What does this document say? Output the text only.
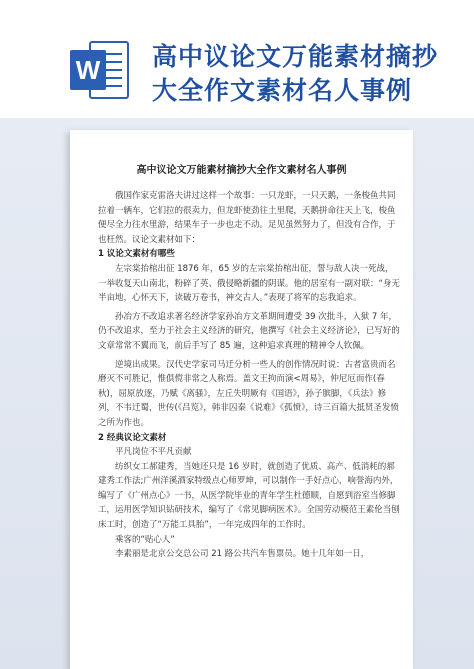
W 高中议论文万能素材摘抄大全作文素材名人事例
高中议论文万能素材摘抄大全作文素材名人事例

俄国作家克雷洛夫讲过这样一个故事：一只龙虾，一只天鹅，一条梭鱼共同拉着一辆车，它们拉的很卖力，但龙虾使劲往土里爬，天鹅拼命往天上飞，梭鱼便尽全力往水里游，结果车子一步也走不动。足见虽然努力了，但没有合作，于也枉然。议论文素材如下：

1 议论文素材有哪些

左宗棠抬棺出征 1876 年，65 岁的左宗棠抬棺出征，誓与敌人决一死战，一举收复天山南北，粉碎了英、俄侵略新疆的阴谋。他的居室有一副对联：“身无半亩地，心怀天下，读破万卷书，神交古人。”表现了将军的忘我追求。

孙冶方不改追求著名经济学家孙冶方文革期间遭受 39 次批斗，入狱 7 年，仍不改追求，至力于社会主义经济的研究，他撰写《社会主义经济论》，已写好的文章常常不翼而飞，前后手写了 85 遍，这种追求真理的精神令人钦佩。

逆境出成果。汉代史学家司马迁分析一些人的创作情况时说：古者富贵而名磨灭不可胜记，惟俱傥非常之人称焉。盖文王拘而演<周易》，仲尼厄而作(春秋)，屈原放逐，乃赋《离骚》，左丘失明厥有《国语》，孙子膑脚，《兵法》修列，不韦迁蜀，世传(《吕览》，韩非囚秦《说难》《孤愤》，诗三百篇大抵贤圣发愤之所为作也。

2 经典议论文素材

平凡岗位不平凡贡献

纺织女工郝建秀，当她还只是 16 岁时，就创造了优质、高产、低消耗的郝建秀工作法;广州洋溪酒家特级点心师罗坤，可以制作一手好点心，响誉海内外，编写了《广州点心》一书，从医学院毕业的青年学生杜德顺，自愿到浴室当修脚工，运用医学知识钻研技术，编写了《常见脚病医术》。全国劳动模范王素伦当刨床工时，创造了“万能工具胎”，一年完成四年的工作时。

乘客的“贴心人”

李素丽是北京公交总公司 21 路公共汽车售票员。她十几年如一日，
